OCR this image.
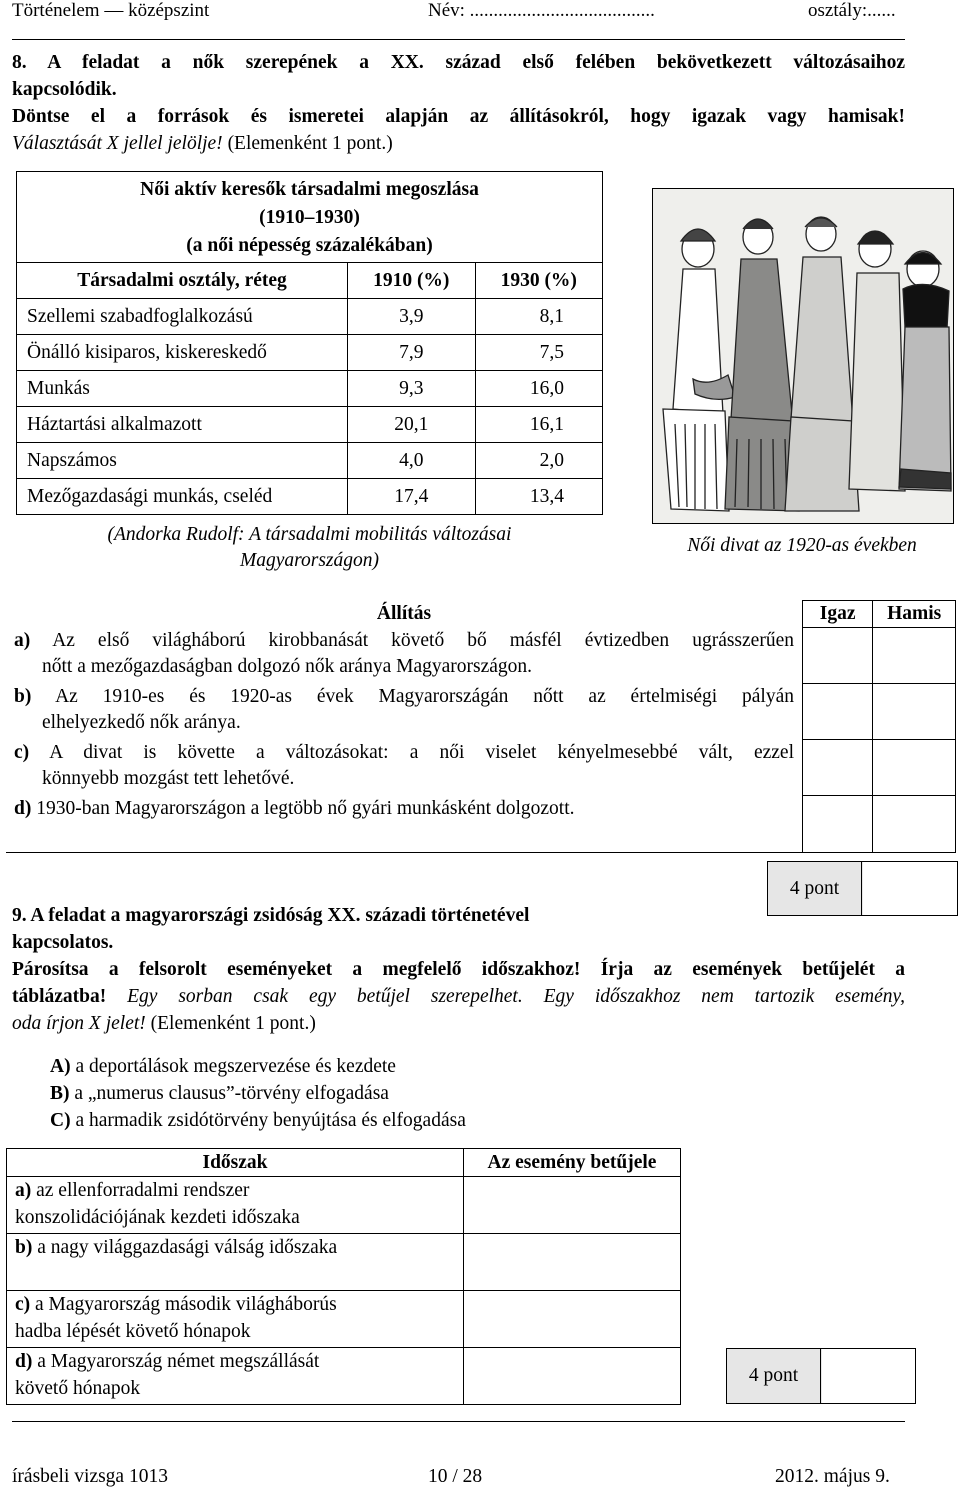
Történelem — középszint	Név: .......................................	osztály:......
8. A feladat a nők szerepének a XX. század első felében bekövetkezett változásaihoz
kapcsolódik.
Döntse el a források és ismeretei alapján az állításokról, hogy igazak vagy hamisak!
Választását X jellel jelölje! (Elemenként 1 pont.)
Női aktív keresők társadalmi megoszlása
(1910–1930)
(a női népesség százalékában)		

Társadalmi osztály, réteg	1910 (%)	1930 (%)
Szellemi szabadfoglalkozású	3,9	8,1
Önálló kisiparos, kiskereskedő	7,9	7,5
Munkás	9,3	16,0
Háztartási alkalmazott	20,1	16,1
Napszámos	4,0	2,0
Mezőgazdasági munkás, cseléd	17,4	13,4
(Andorka Rudolf: A társadalmi mobilitás változásai
Magyarországon)
Női divat az 1920-as években
Állítás	Igaz	Hamis

a) Az első világháború kirobbanását követő bő másfél évtizedben ugrásszerűen
nőtt a mezőgazdaságban dolgozó nők aránya Magyarországon.		

b) Az 1910-es és 1920-as évek Magyarországán nőtt az értelmiségi pályán
elhelyezkedő nők aránya.		

c) A divat is követte a változásokat: a női viselet kényelmesebbé vált, ezzel
könnyebb mozgást tett lehetővé.		

d) 1930-ban Magyarországon a legtöbb nő gyári munkásként dolgozott.		

4 pont
9. A feladat a magyarországi zsidóság XX. századi történetével
kapcsolatos.
Párosítsa a felsorolt eseményeket a megfelelő időszakhoz! Írja az események betűjelét a
táblázatba! Egy sorban csak egy betűjel szerepelhet. Egy időszakhoz nem tartozik esemény,
oda írjon X jelet! (Elemenként 1 pont.)
A) a deportálások megszervezése és kezdete
B) a „numerus clausus”-törvény elfogadása
C) a harmadik zsidótörvény benyújtása és elfogadása
Időszak	Az esemény betűjele

a) az ellenforradalmi rendszer
konszolidációjának kezdeti időszaka	

b) a nagy világgazdasági válság időszaka	

c) a Magyarország második világháborús
hadba lépését követő hónapok	

d) a Magyarország német megszállását
követő hónapok	

4 pont
írásbeli vizsga 1013	10 / 28	2012. május 9.
